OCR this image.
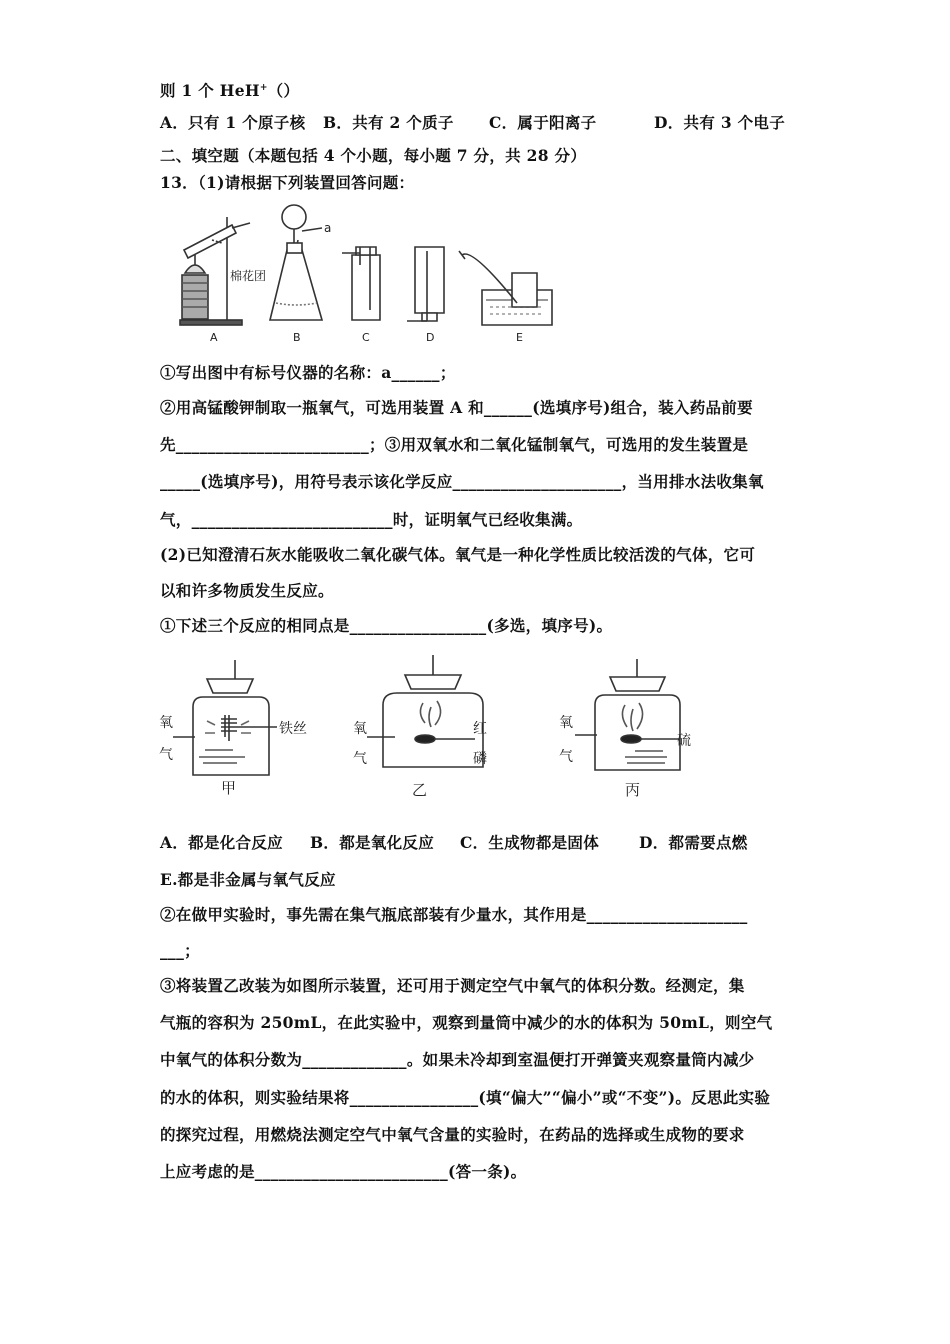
则 1 个 HeH+（）
A．只有 1 个原子核 B．共有 2 个质子 C．属于阳离子	D．共有 3 个电子
二、填空题（本题包括 4 个小题，每小题 7 分，共 28 分）
13．（1)请根据下列装置回答问题：
棉花团
a
A	B	C	D	E
①写出图中有标号仪器的名称：a______；
②用高锰酸钾制取一瓶氧气，可选用装置 A 和______(选填序号)组合，装入药品前要
先________________________；③用双氧水和二氧化锰制氧气，可选用的发生装置是
_____(选填序号)，用符号表示该化学反应_____________________，当用排水法收集氧
气，_________________________时，证明氧气已经收集满。
(2)已知澄清石灰水能吸收二氧化碳气体。氧气是一种化学性质比较活泼的气体，它可
以和许多物质发生反应。
①下述三个反应的相同点是_________________(多选，填序号)。
氧
气
铁丝
甲
氧
气
红
磷
乙
氧
气
硫
丙
A．都是化合反应 B．都是氧化反应 C．生成物都是固体	D．都需要点燃
E.都是非金属与氧气反应
②在做甲实验时，事先需在集气瓶底部装有少量水，其作用是____________________
___；
③将装置乙改装为如图所示装置，还可用于测定空气中氧气的体积分数。经测定，集
气瓶的容积为 250mL，在此实验中，观察到量筒中减少的水的体积为 50mL，则空气
中氧气的体积分数为_____________。如果未冷却到室温便打开弹簧夹观察量筒内减少
的水的体积，则实验结果将________________(填“偏大”“偏小”或“不变”)。反思此实验
的探究过程，用燃烧法测定空气中氧气含量的实验时，在药品的选择或生成物的要求
上应考虑的是________________________(答一条)。
